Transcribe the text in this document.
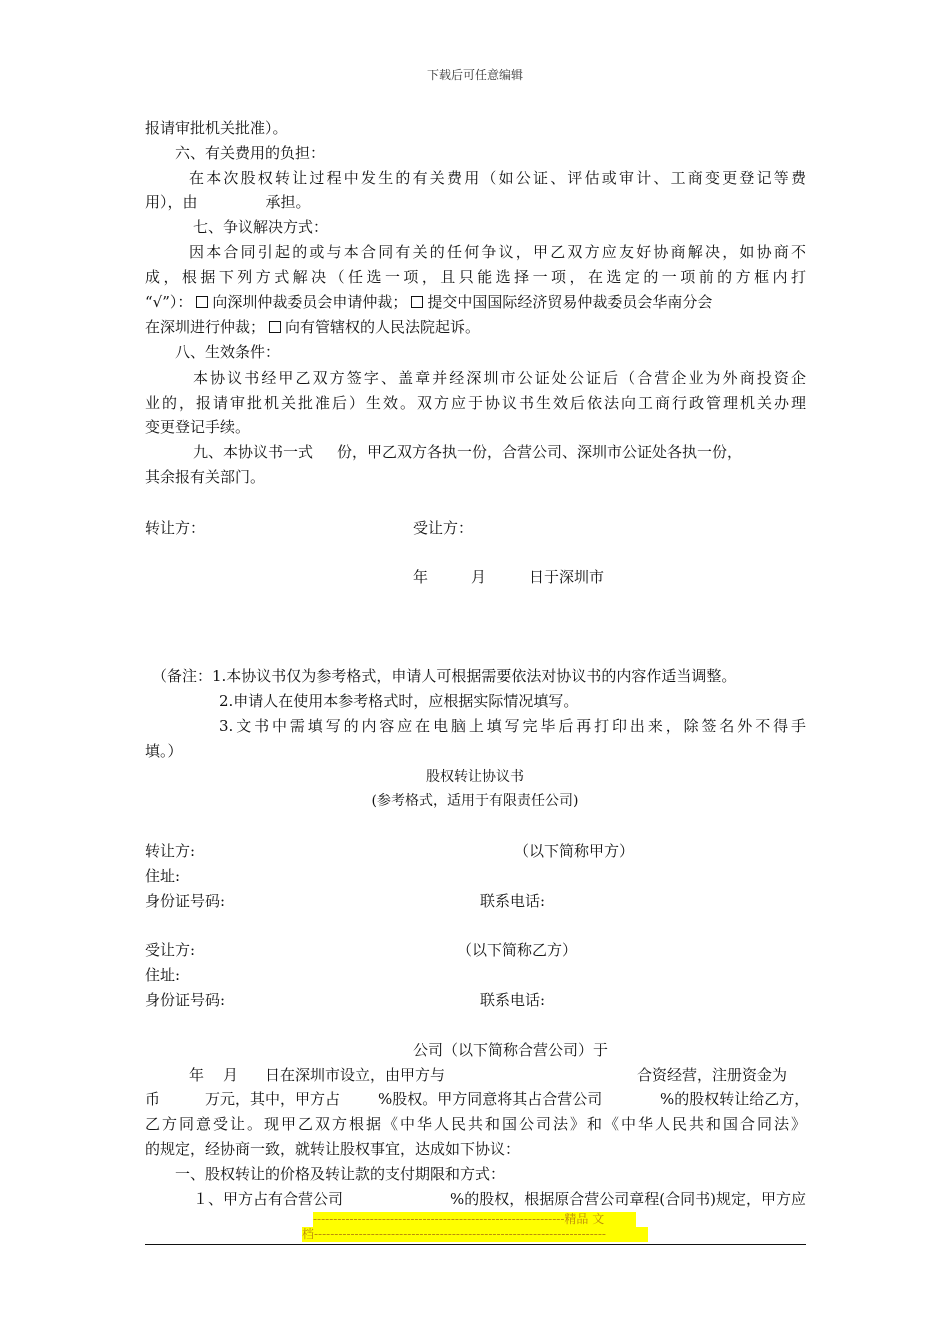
下载后可任意编辑
报请审批机关批准）。
六、有关费用的负担：
在本次股权转让过程中发生的有关费用（如公证、评估或审计、工商变更登记等费
用），由	承担。
七、争议解决方式：
因本合同引起的或与本合同有关的任何争议，甲乙双方应友好协商解决，如协商不
成，根据下列方式解决（任选一项，且只能选择一项，在选定的一项前的方框内打
“√”）： 向深圳仲裁委员会申请仲裁； 提交中国国际经济贸易仲裁委员会华南分会
在深圳进行仲裁； 向有管辖权的人民法院起诉。
八、生效条件：
本协议书经甲乙双方签字、盖章并经深圳市公证处公证后（合营企业为外商投资企
业的，报请审批机关批准后）生效。双方应于协议书生效后依法向工商行政管理机关办理
变更登记手续。
九、本协议书一式 份，甲乙双方各执一份，合营公司、深圳市公证处各执一份，
其余报有关部门。
转让方：	受让方：
年	月	日于深圳市
（备注：1.本协议书仅为参考格式，申请人可根据需要依法对协议书的内容作适当调整。
2.申请人在使用本参考格式时，应根据实际情况填写。
3.文书中需填写的内容应在电脑上填写完毕后再打印出来，除签名外不得手
填。）
股权转让协议书
(参考格式，适用于有限责任公司)
转让方:	（以下简称甲方）
住址:
身份证号码:	联系电话:
受让方:	（以下简称乙方）
住址:
身份证号码:	联系电话:
公司（以下简称合营公司）于
年 月 日在深圳市设立，由甲方与	合资经营，注册资金为
币	万元，其中，甲方占	%股权。甲方同意将其占合营公司	%的股权转让给乙方，
乙方同意受让。现甲乙双方根据《中华人民共和国公司法》和《中华人民共和国合同法》
的规定，经协商一致，就转让股权事宜，达成如下协议：
一、股权转让的价格及转让款的支付期限和方式：
１、甲方占有合营公司	%的股权，根据原合营公司章程(合同书)规定，甲方应
--------------------------------------------------------------精品 文
档------------------------------------------------------------------------
